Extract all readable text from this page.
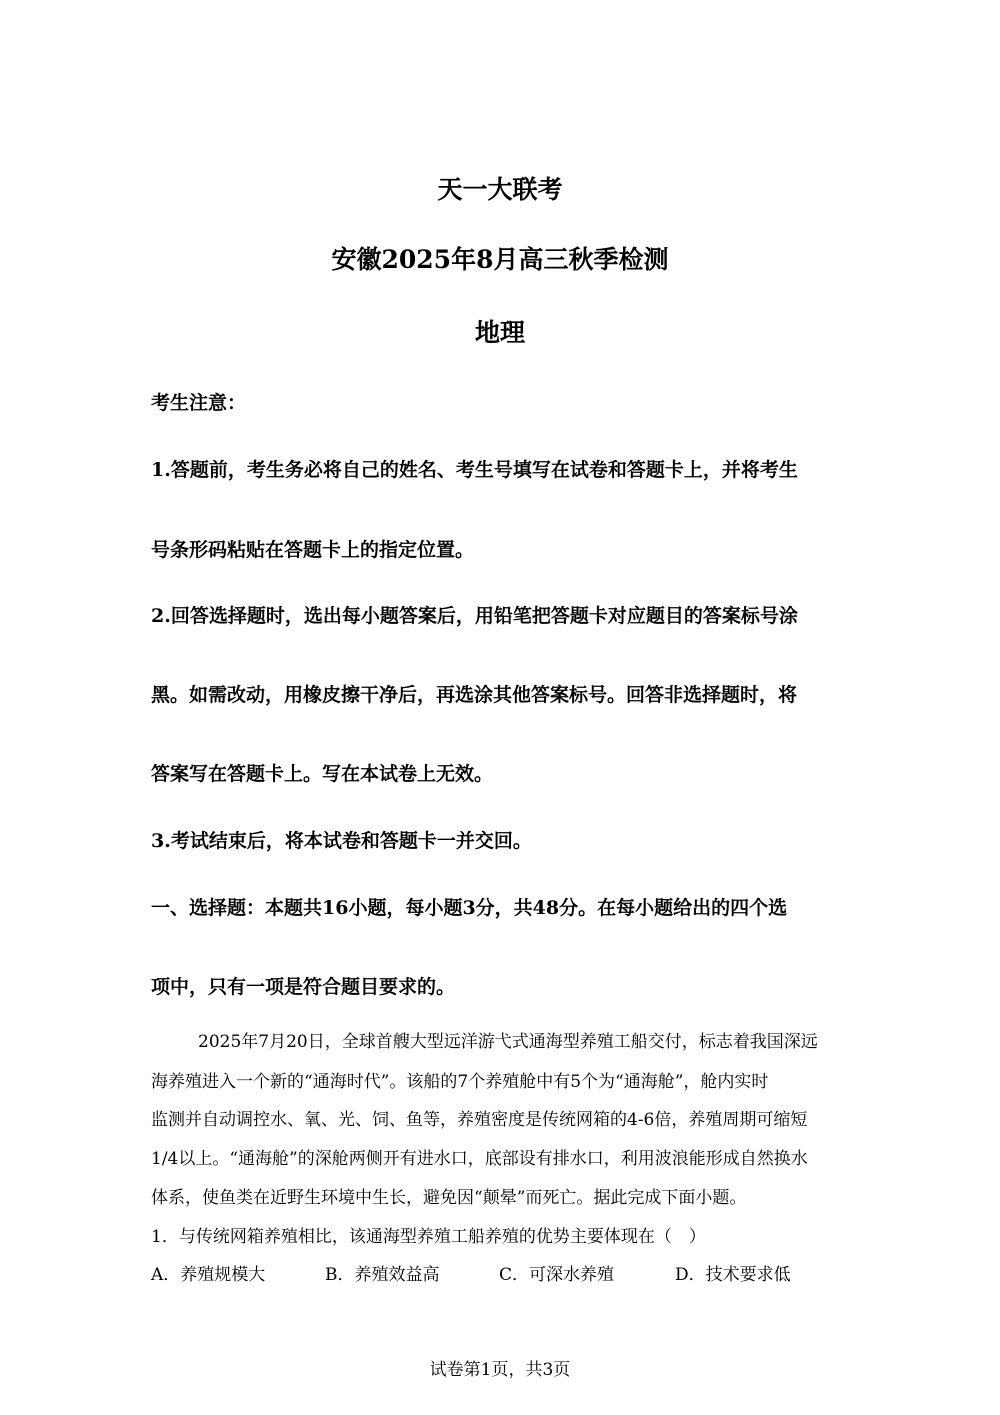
天一大联考
安徽2025年8月高三秋季检测
地理
考生注意：
1.答题前，考生务必将自己的姓名、考生号填写在试卷和答题卡上，并将考生
号条形码粘贴在答题卡上的指定位置。
2.回答选择题时，选出每小题答案后，用铅笔把答题卡对应题目的答案标号涂
黑。如需改动，用橡皮擦干净后，再选涂其他答案标号。回答非选择题时，将
答案写在答题卡上。写在本试卷上无效。
3.考试结束后，将本试卷和答题卡一并交回。
一、选择题：本题共16小题，每小题3分，共48分。在每小题给出的四个选
项中，只有一项是符合题目要求的。
2025年7月20日，全球首艘大型远洋游弋式通海型养殖工船交付，标志着我国深远
海养殖进入一个新的“通海时代”。该船的7个养殖舱中有5个为“通海舱”，舱内实时
监测并自动调控水、氧、光、饲、鱼等，养殖密度是传统网箱的4-6倍，养殖周期可缩短
1/4以上。“通海舱”的深舱两侧开有进水口，底部设有排水口，利用波浪能形成自然换水
体系，使鱼类在近野生环境中生长，避免因“颠晕”而死亡。据此完成下面小题。
1．与传统网箱养殖相比，该通海型养殖工船养殖的优势主要体现在（　）
A．养殖规模大	B．养殖效益高	C．可深水养殖	D．技术要求低
试卷第1页，共3页
